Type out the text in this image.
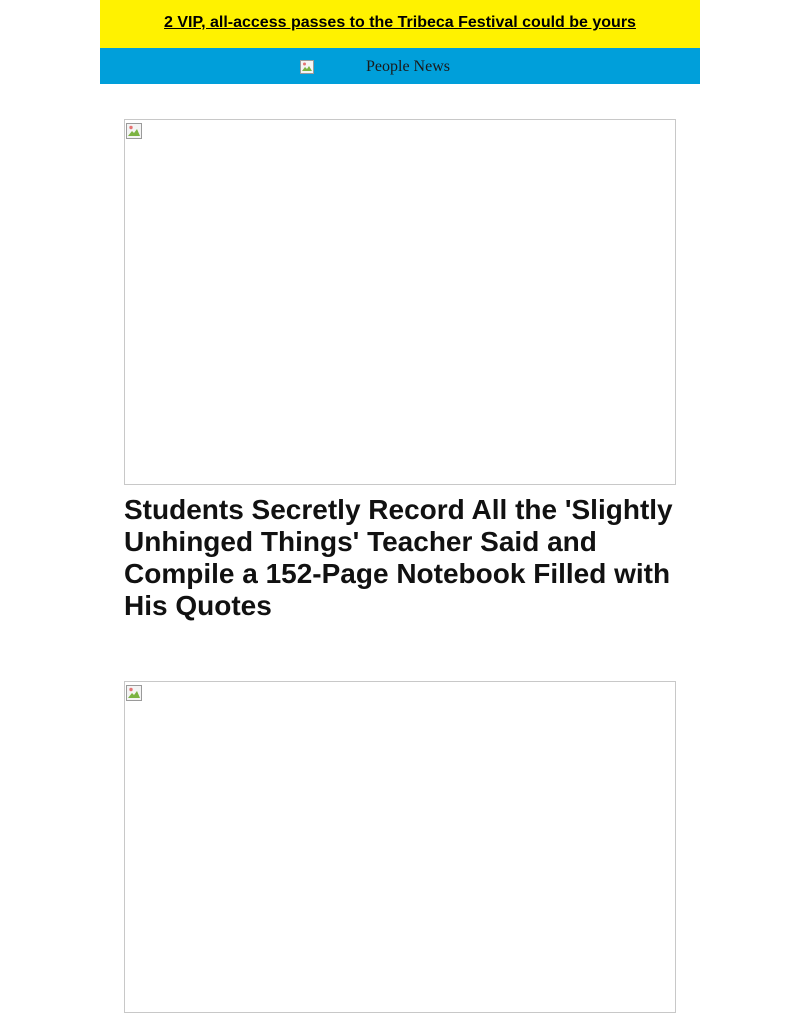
2 VIP, all-access passes to the Tribeca Festival could be yours
People News
Students Secretly Record All the 'Slightly Unhinged Things' Teacher Said and Compile a 152-Page Notebook Filled with His Quotes
